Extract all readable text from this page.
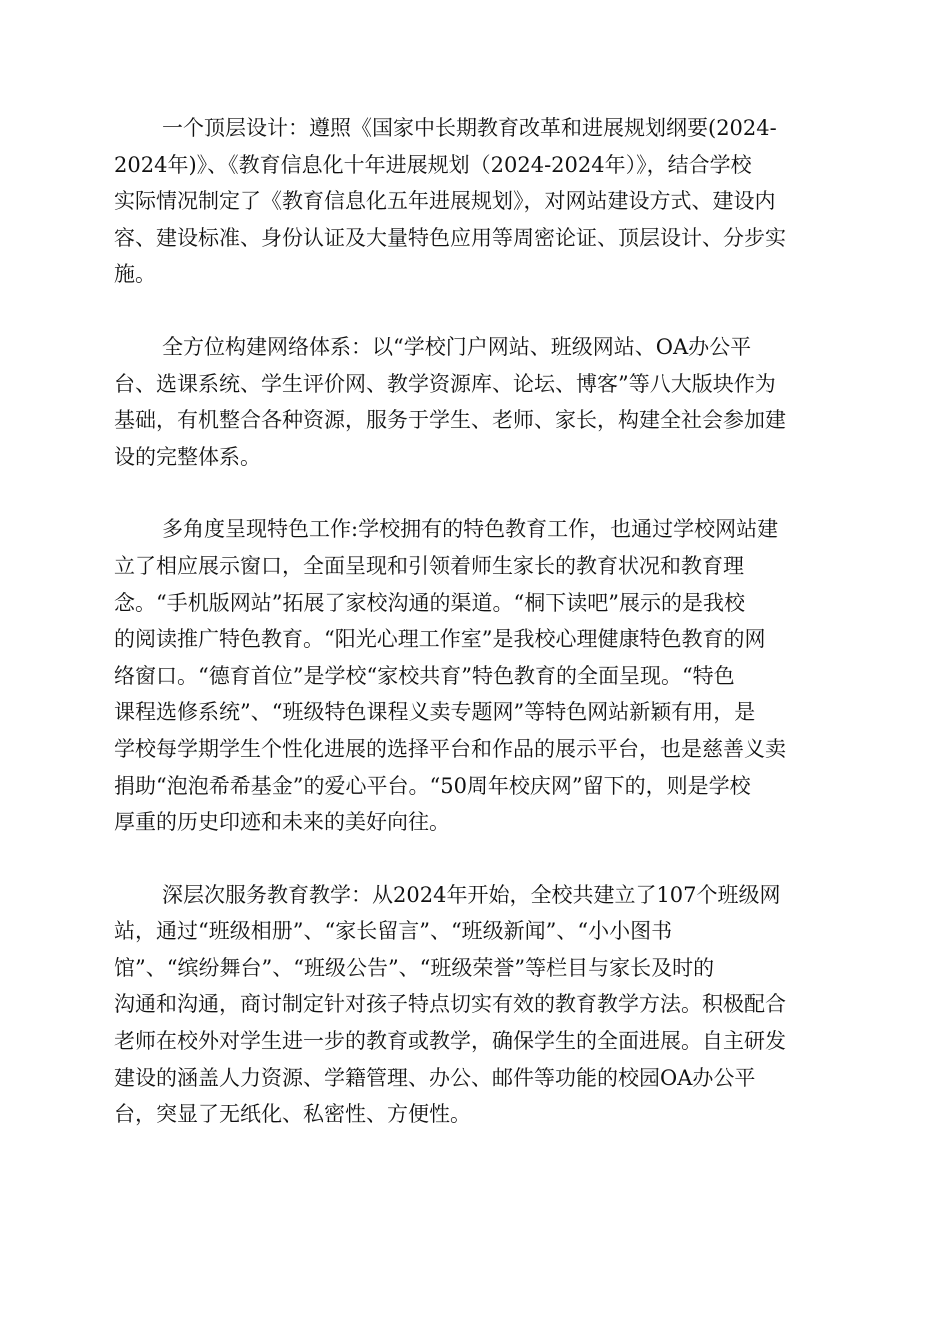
一个顶层设计：遵照《国家中长期教育改革和进展规划纲要(2024-
2024年)》、《教育信息化十年进展规划（2024-2024年）》，结合学校
实际情况制定了《教育信息化五年进展规划》，对网站建设方式、建设内
容、建设标准、身份认证及大量特色应用等周密论证、顶层设计、分步实
施。

全方位构建网络体系：以“学校门户网站、班级网站、OA办公平
台、选课系统、学生评价网、教学资源库、论坛、博客”等八大版块作为
基础，有机整合各种资源，服务于学生、老师、家长，构建全社会参加建
设的完整体系。

多角度呈现特色工作:学校拥有的特色教育工作，也通过学校网站建
立了相应展示窗口，全面呈现和引领着师生家长的教育状况和教育理
念。“手机版网站”拓展了家校沟通的渠道。“桐下读吧”展示的是我校
的阅读推广特色教育。“阳光心理工作室”是我校心理健康特色教育的网
络窗口。“德育首位”是学校“家校共育”特色教育的全面呈现。“特色
课程选修系统”、“班级特色课程义卖专题网”等特色网站新颖有用，是
学校每学期学生个性化进展的选择平台和作品的展示平台，也是慈善义卖
捐助“泡泡希希基金”的爱心平台。“50周年校庆网”留下的，则是学校
厚重的历史印迹和未来的美好向往。

深层次服务教育教学：从2024年开始，全校共建立了107个班级网
站，通过“班级相册”、“家长留言”、“班级新闻”、“小小图书
馆”、“缤纷舞台”、“班级公告”、“班级荣誉”等栏目与家长及时的
沟通和沟通，商讨制定针对孩子特点切实有效的教育教学方法。积极配合
老师在校外对学生进一步的教育或教学，确保学生的全面进展。自主研发
建设的涵盖人力资源、学籍管理、办公、邮件等功能的校园OA办公平
台，突显了无纸化、私密性、方便性。
